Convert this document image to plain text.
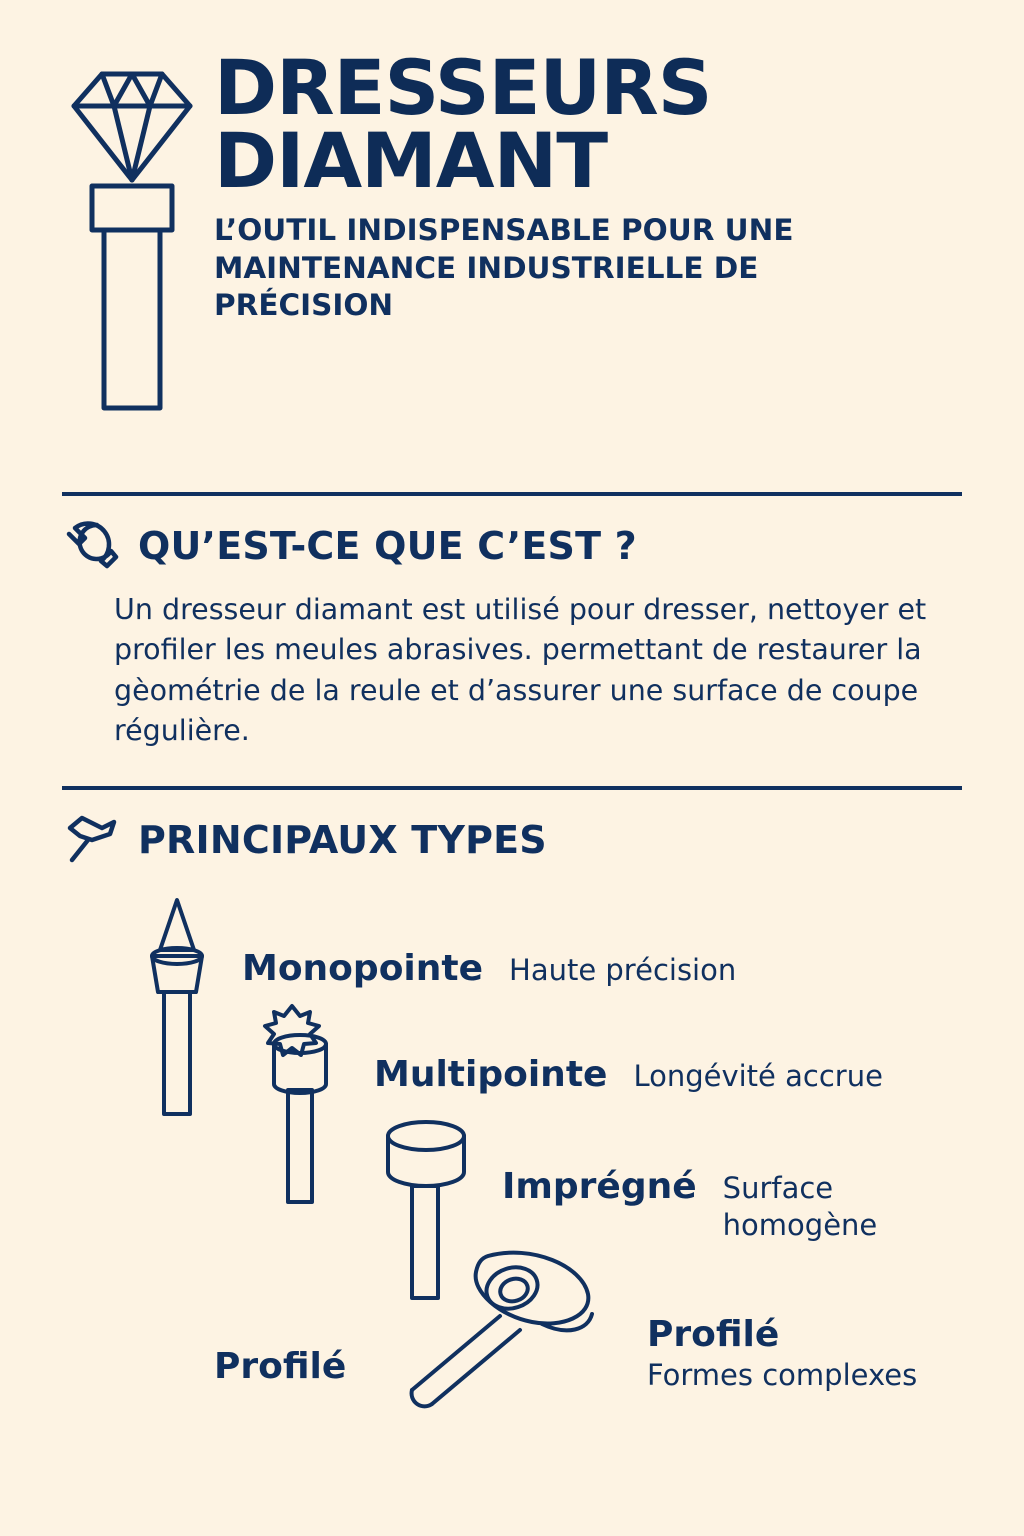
DRESSEURS
DIAMANT

L’OUTIL INDISPENSABLE POUR UNE MAINTENANCE INDUSTRIELLE DE PRÉCISION

QU’EST-CE QUE C’EST ?

Un dresseur diamant est utilisé pour dresser, nettoyer et profiler les meules abrasives. permettant de restaurer la gèométrie de la reule et d’assurer une surface de coupe régulière.

PRINCIPAUX TYPES
Monopointe Haute précision
Multipointe Longévité accrue
Imprégné Surface homogène
Profilé
Formes complexes
Profilé
